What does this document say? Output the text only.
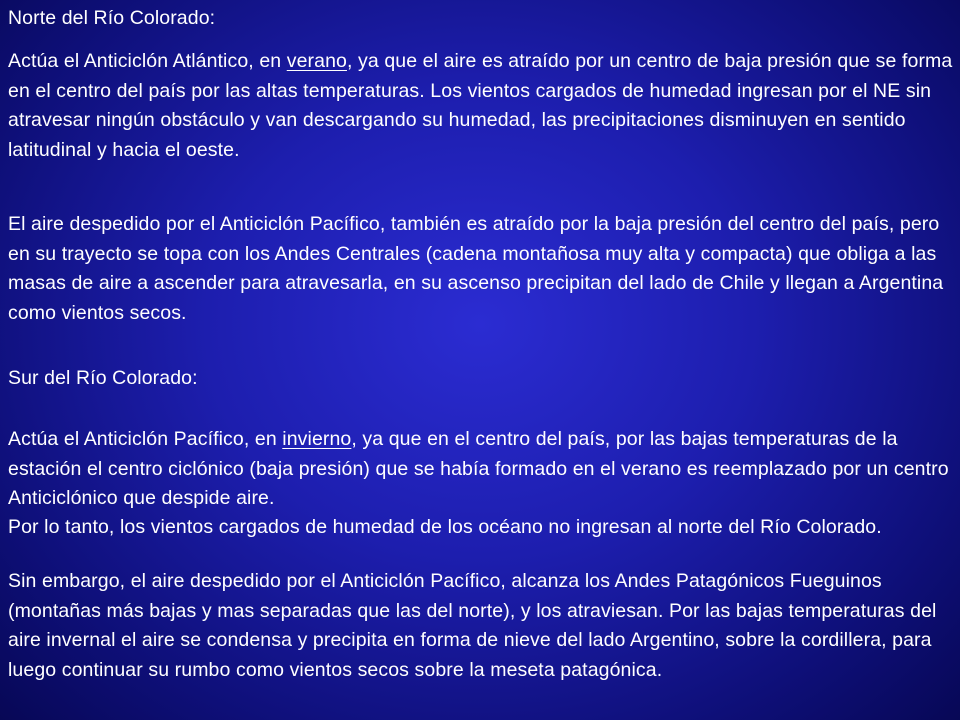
Norte del Río Colorado:

Actúa el Anticiclón Atlántico, en verano, ya que el aire es atraído por un centro de baja presión que se forma en el centro del país por las altas temperaturas. Los vientos cargados de humedad ingresan por el NE sin atravesar ningún obstáculo y van descargando su humedad, las precipitaciones disminuyen en sentido latitudinal y hacia el oeste.

El aire despedido por el Anticiclón Pacífico, también es atraído por la baja presión del centro del país, pero en su trayecto se topa con los Andes Centrales (cadena montañosa muy alta y compacta) que obliga a las masas de aire a ascender para atravesarla, en su ascenso precipitan del lado de Chile y llegan a Argentina como vientos secos.

Sur del Río Colorado:

Actúa el Anticiclón Pacífico, en invierno, ya que en el centro del país, por las bajas temperaturas de la estación el centro ciclónico (baja presión) que se había formado en el verano es reemplazado por un centro Anticiclónico que despide aire.

Por lo tanto, los vientos cargados de humedad de los océano no ingresan al norte del Río Colorado.

Sin embargo, el aire despedido por el Anticiclón Pacífico, alcanza los Andes Patagónicos Fueguinos (montañas más bajas y mas separadas que las del norte), y los atraviesan. Por las bajas temperaturas del aire invernal el aire se condensa y precipita en forma de nieve del lado Argentino, sobre la cordillera, para luego continuar su rumbo como vientos secos sobre la meseta patagónica.
